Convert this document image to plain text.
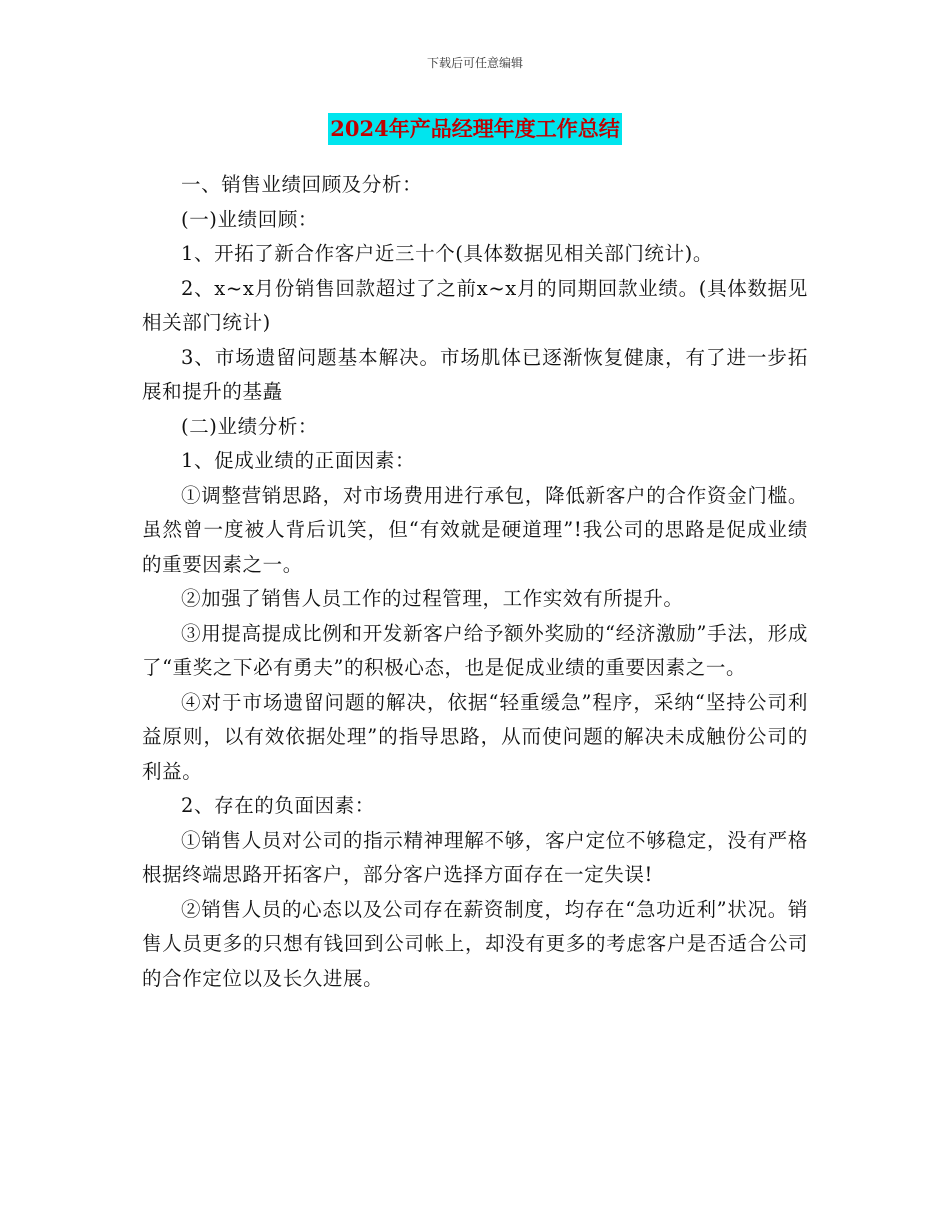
下载后可任意编辑
2024年产品经理年度工作总结

一、销售业绩回顾及分析：

(一)业绩回顾：

1、开拓了新合作客户近三十个(具体数据见相关部门统计)。

2、x~x月份销售回款超过了之前x~x月的同期回款业绩。(具体数据见相关部门统计)

3、市场遗留问题基本解决。市场肌体已逐渐恢复健康，有了进一步拓展和提升的基矗

(二)业绩分析：

1、促成业绩的正面因素：

①调整营销思路，对市场费用进行承包，降低新客户的合作资金门槛。虽然曾一度被人背后讥笑，但“有效就是硬道理”!我公司的思路是促成业绩的重要因素之一。

②加强了销售人员工作的过程管理，工作实效有所提升。

③用提高提成比例和开发新客户给予额外奖励的“经济激励”手法，形成了“重奖之下必有勇夫”的积极心态，也是促成业绩的重要因素之一。

④对于市场遗留问题的解决，依据“轻重缓急”程序，采纳“坚持公司利益原则，以有效依据处理”的指导思路，从而使问题的解决未成触份公司的利益。

2、存在的负面因素：

①销售人员对公司的指示精神理解不够，客户定位不够稳定，没有严格根据终端思路开拓客户，部分客户选择方面存在一定失误!

②销售人员的心态以及公司存在薪资制度，均存在“急功近利”状况。销售人员更多的只想有钱回到公司帐上，却没有更多的考虑客户是否适合公司的合作定位以及长久进展。
